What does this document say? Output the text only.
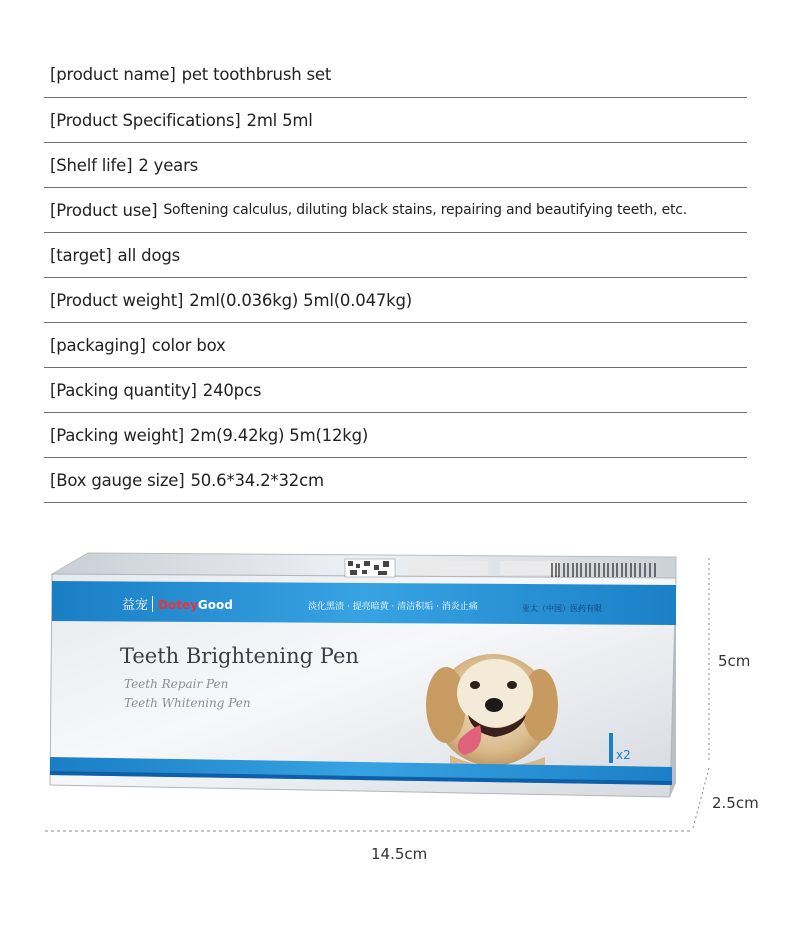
[product name] pet toothbrush set
[Product Specifications] 2ml 5ml
[Shelf life] 2 years
[Product use] Softening calculus, diluting black stains, repairing and beautifying teeth, etc.
[target] all dogs
[Product weight] 2ml(0.036kg) 5ml(0.047kg)
[packaging] color box
[Packing quantity] 240pcs
[Packing weight] 2m(9.42kg) 5m(12kg)
[Box gauge size] 50.6*34.2*32cm
益宠 DoteyGood	淡化黑渍 · 提亮暗黄 · 清洁积垢 · 消炎止痛	亚太（中国）医药有限
Teeth Brightening Pen
Teeth Repair Pen
Teeth Whitening Pen
x2
5cm
2.5cm
14.5cm
